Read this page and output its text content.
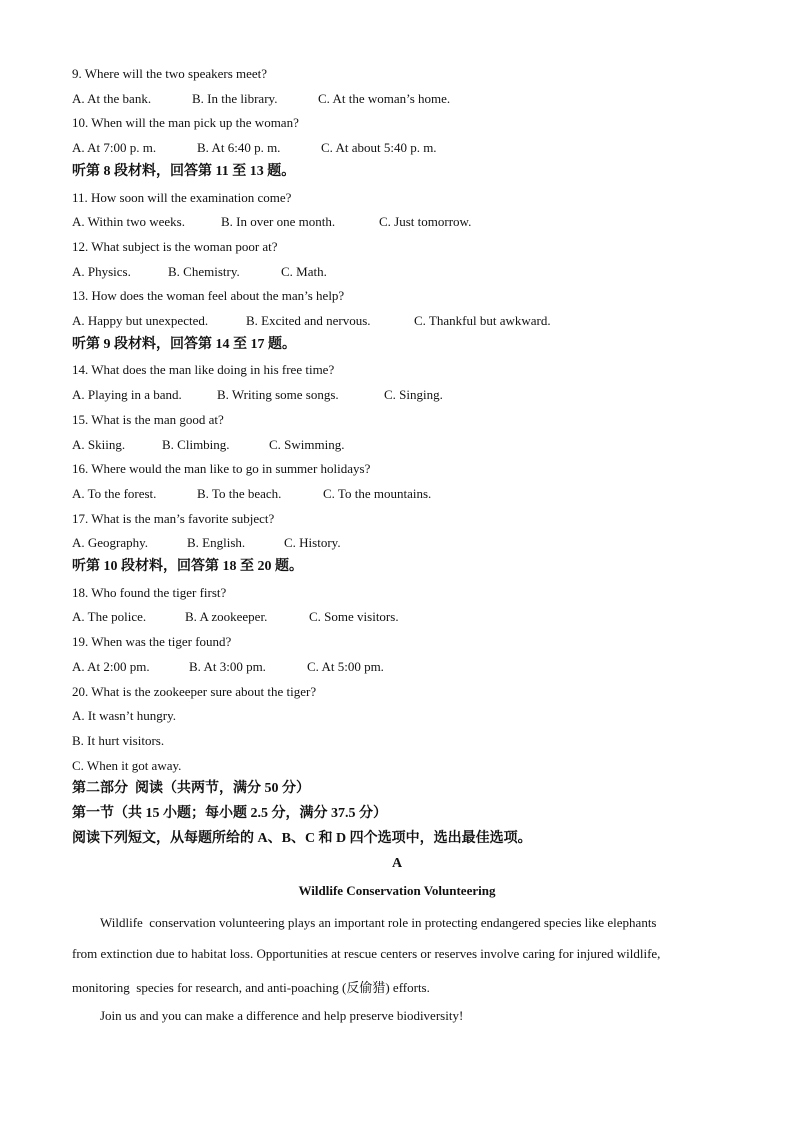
9. Where will the two speakers meet?

A. At the bank.

	B. In the library.

	C. At the woman’s home.

10. When will the man pick up the woman?

A. At 7:00 p. m.

	B. At 6:40 p. m.

	C. At about 5:40 p. m.

听第 8 段材料，回答第 11 至 13 题。
11. How soon will the examination come?

A. Within two weeks.

	B. In over one month.

	C. Just tomorrow.

12. What subject is the woman poor at?

A. Physics.

	B. Chemistry.

	C. Math.

13. How does the woman feel about the man’s help?

A. Happy but unexpected.

	B. Excited and nervous.

	C. Thankful but awkward.

听第 9 段材料，回答第 14 至 17 题。
14. What does the man like doing in his free time?

A. Playing in a band.

	B. Writing some songs.

	C. Singing.

15. What is the man good at?

A. Skiing.

	B. Climbing.

	C. Swimming.

16. Where would the man like to go in summer holidays?

A. To the forest.

	B. To the beach.

	C. To the mountains.

17. What is the man’s favorite subject?

A. Geography.

	B. English.

	C. History.

听第 10 段材料，回答第 18 至 20 题。
18. Who found the tiger first?

A. The police.

	B. A zookeeper.

	C. Some visitors.

19. When was the tiger found?

A. At 2:00 pm.

	B. At 3:00 pm.

	C. At 5:00 pm.

20. What is the zookeeper sure about the tiger?
A. It wasn’t hungry.
B. It hurt visitors.
C. When it got away.
第二部分  阅读（共两节，满分 50 分）
第一节（共 15 小题；每小题 2.5 分，满分 37.5 分）
阅读下列短文，从每题所给的 A、B、C 和 D 四个选项中，选出最佳选项。
A
Wildlife Conservation Volunteering
Wildlife  conservation volunteering plays an important role in protecting endangered species like elephants
from extinction due to habitat loss. Opportunities at rescue centers or reserves involve caring for injured wildlife,
monitoring  species for research, and anti-poaching (反偷猎) efforts.
Join us and you can make a difference and help preserve biodiversity!
